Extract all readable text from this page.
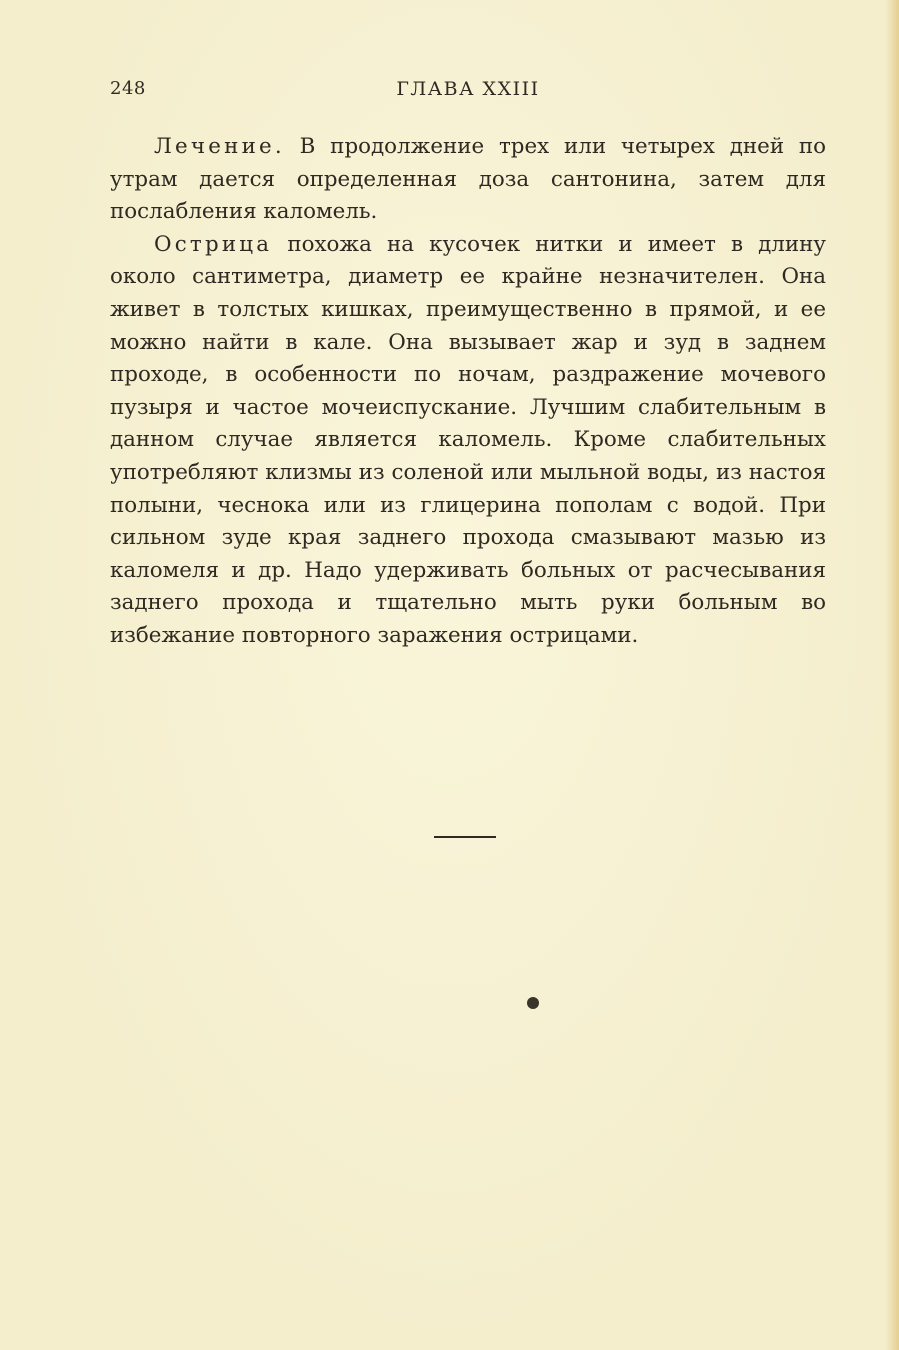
248	ГЛАВА XXIII

Лечение. В продолжение трех или четырех дней по утрам дается определенная доза сантонина, затем для послабления каломель.

Острица похожа на кусочек нитки и имеет в длину около сантиметра, диаметр ее крайне незначителен. Она живет в толстых кишках, преимущественно в прямой, и ее можно найти в кале. Она вызывает жар и зуд в заднем проходе, в особенности по ночам, раздражение мочевого пузыря и частое мочеиспускание. Лучшим слабительным в данном случае является каломель. Кроме слабительных употребляют клизмы из соленой или мыльной воды, из настоя полыни, чеснока или из глицерина пополам с водой. При сильном зуде края заднего прохода смазывают мазью из каломеля и др. Надо удерживать больных от расчесывания заднего прохода и тщательно мыть руки больным во избежание повторного заражения острицами.
